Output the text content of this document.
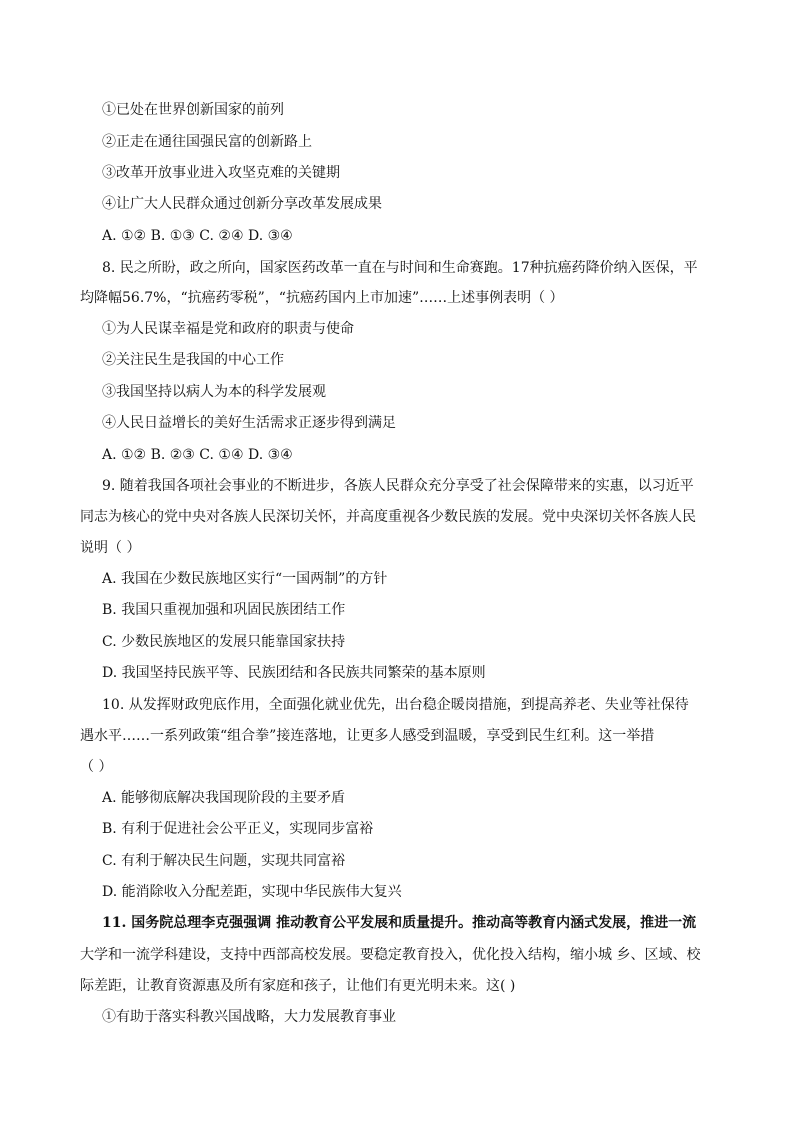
①已处在世界创新国家的前列
②正走在通往国强民富的创新路上
③改革开放事业进入攻坚克难的关键期
④让广大人民群众通过创新分享改革发展成果
A. ①② B. ①③ C. ②④ D. ③④
8. 民之所盼，政之所向，国家医药改革一直在与时间和生命赛跑。17种抗癌药降价纳入医保，平
均降幅56.7%，“抗癌药零税”，“抗癌药国内上市加速”……上述事例表明（ ）
①为人民谋幸福是党和政府的职责与使命
②关注民生是我国的中心工作
③我国坚持以病人为本的科学发展观
④人民日益增长的美好生活需求正逐步得到满足
A. ①② B. ②③ C. ①④ D. ③④
9. 随着我国各项社会事业的不断进步，各族人民群众充分享受了社会保障带来的实惠，以习近平
同志为核心的党中央对各族人民深切关怀，并高度重视各少数民族的发展。党中央深切关怀各族人民
说明（ ）
A. 我国在少数民族地区实行“一国两制”的方针
B. 我国只重视加强和巩固民族团结工作
C. 少数民族地区的发展只能靠国家扶持
D. 我国坚持民族平等、民族团结和各民族共同繁荣的基本原则
10. 从发挥财政兜底作用，全面强化就业优先，出台稳企暖岗措施，到提高养老、失业等社保待
遇水平……一系列政策“组合拳”接连落地，让更多人感受到温暖，享受到民生红利。这一举措
（ ）
A. 能够彻底解决我国现阶段的主要矛盾
B. 有利于促进社会公平正义，实现同步富裕
C. 有利于解决民生问题，实现共同富裕
D. 能消除收入分配差距，实现中华民族伟大复兴
11. 国务院总理李克强强调 推动教育公平发展和质量提升。推动高等教育内涵式发展，推进一流
大学和一流学科建设，支持中西部高校发展。要稳定教育投入，优化投入结构，缩小城 乡、区域、校
际差距，让教育资源惠及所有家庭和孩子，让他们有更光明未来。这( )
①有助于落实科教兴国战略，大力发展教育事业
